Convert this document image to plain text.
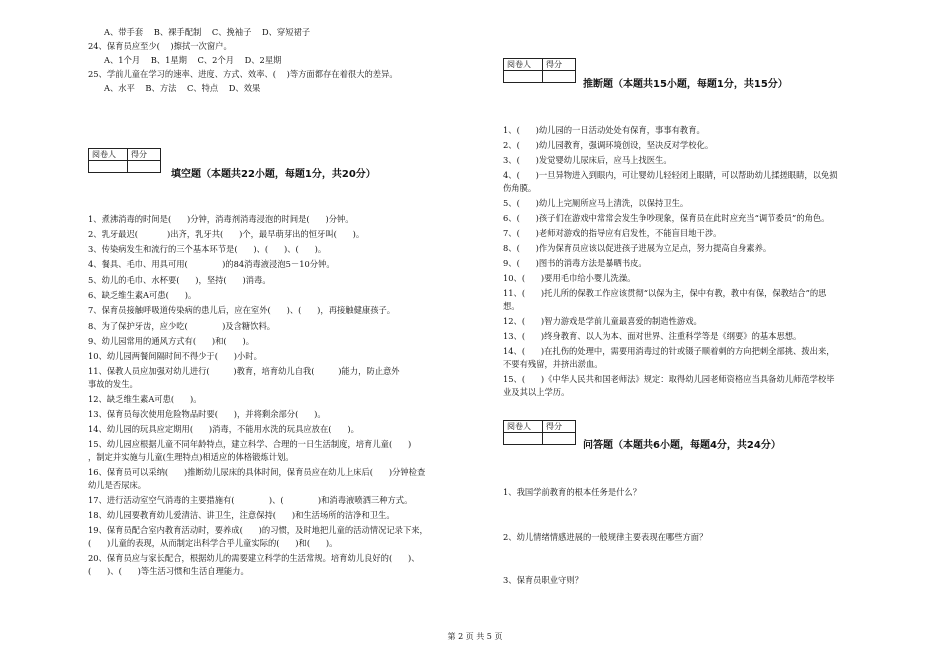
A、带手套    B、裸手配制    C、挽袖子    D、穿短裙子
24、保育员应至少(    )擦拭一次窗户。
A、1个月    B、1星期    C、2个月    D、2星期
25、学前儿童在学习的速率、进度、方式、效率、(    )等方面都存在着很大的差异。
A、水平    B、方法    C、特点    D、效果
阅卷人	得分

填空题（本题共22小题，每题1分，共20分）
1、煮沸消毒的时间是(      )分钟，消毒剂消毒浸泡的时间是(      )分钟。
2、乳牙最迟(           )出齐，乳牙共(      )个，最早萌芽出的恒牙叫(      )。
3、传染病发生和流行的三个基本环节是(      )、(      )、(      )。
4、餐具、毛巾、用具可用(             )的84消毒液浸泡5－10分钟。
5、幼儿的毛巾、水杯要(      )，坚持(      )消毒。
6、缺乏维生素A可患(      )。
7、保育员接触呼吸道传染病的患儿后，应在室外(      )、(      )，再接触健康孩子。
8、为了保护牙齿，应少吃(             )及含糖饮料。
9、幼儿园常用的通风方式有(      )和(      )。
10、幼儿园两餐间隔时间不得少于(      )小时。
11、保教人员应加强对幼儿进行(         )教育，培育幼儿自我(         )能力，防止意外
事故的发生。
12、缺乏维生素A可患(      )。
13、保育员每次使用危险物品时要(      )，并将剩余部分(      )。
14、幼儿园的玩具应定期用(      )消毒，不能用水洗的玩具应放在(      )。
15、幼儿园应根据儿童不同年龄特点，建立科学、合理的一日生活制度，培育儿童(      )
，制定并实施与儿童(生理特点)相适应的体格锻炼计划。
16、保育员可以采纳(      )推断幼儿尿床的具体时间，保育员应在幼儿上床后(      )分钟检查
幼儿是否尿床。
17、进行活动室空气消毒的主要措施有(             )、(             )和消毒液喷洒三种方式。
18、幼儿园要教育幼儿爱清洁、讲卫生，注意保持(      )和生活场所的洁净和卫生。
19、保育员配合室内教育活动时，要养成(      )的习惯，及时地把儿童的活动情况记录下来，
(      )儿童的表现，从而制定出科学合乎儿童实际的(      )和(      )。
20、保育员应与家长配合，根据幼儿的需要建立科学的生活常规。培育幼儿良好的(      )、
(      )、(      )等生活习惯和生活自理能力。
阅卷人	得分

推断题（本题共15小题，每题1分，共15分）
1、(      )幼儿园的一日活动处处有保育，事事有教育。
2、(      )幼儿园教育，强调环境创设，坚决反对学校化。
3、(      )发觉婴幼儿尿床后，应马上找医生。
4、(      )一旦异物进入到眼内，可让婴幼儿轻轻闭上眼睛，可以帮助幼儿揉搓眼睛，以免损
伤角膜。
5、(      )幼儿上完厕所应马上清洗，以保持卫生。
6、(      )孩子们在游戏中常常会发生争吵现象，保育员在此时应充当“调节委员”的角色。
7、(      )老师对游戏的指导应有启发性，不能盲目地干涉。
8、(      )作为保育员应该以促进孩子进展为立足点，努力提高自身素养。
9、(      )图书的消毒方法是暴晒书皮。
10、(      )要用毛巾给小婴儿洗澡。
11、(      )托儿所的保教工作应该贯彻“以保为主，保中有教，教中有保，保教结合”的思
想。
12、(      )智力游戏是学前儿童最喜爱的制造性游戏。
13、(      )终身教育、以人为本、面对世界、注重科学等是《纲要》的基本思想。
14、(      )在扎伤的处理中，需要用消毒过的针或镊子顺着刺的方向把刺全部挑、拨出来，
不要有残留，并挤出淤血。
15、(      )《中华人民共和国老师法》规定：取得幼儿园老师资格应当具备幼儿师范学校毕
业及其以上学历。
阅卷人	得分

问答题（本题共6小题，每题4分，共24分）
1、我国学前教育的根本任务是什么？
2、幼儿情绪情感进展的一般规律主要表现在哪些方面？
3、保育员职业守则？
第 2 页 共 5 页
